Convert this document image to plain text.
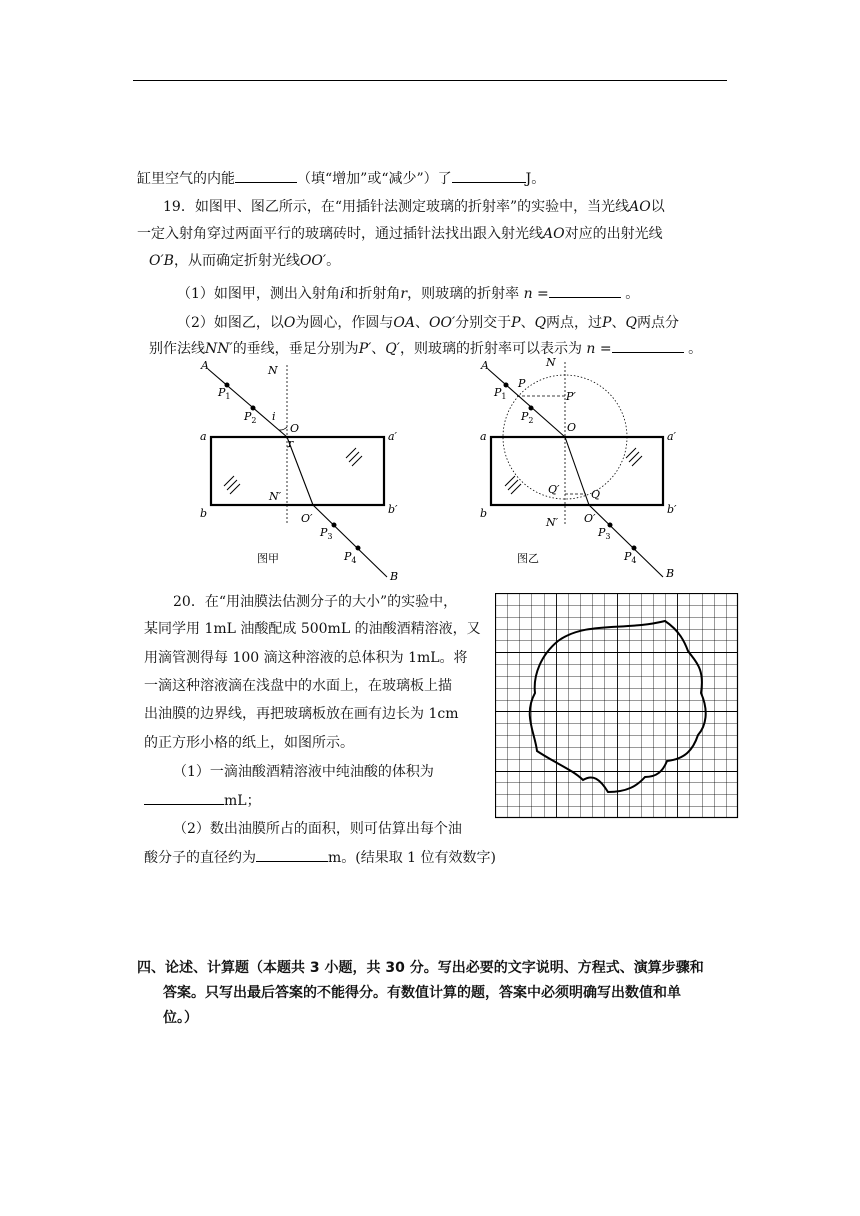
缸里空气的内能	（填“增加”或“减少”）了	J。
19．如图甲、图乙所示，在“用插针法测定玻璃的折射率”的实验中，当光线AO以
一定入射角穿过两面平行的玻璃砖时，通过插针法找出跟入射光线AO对应的出射光线
O′B，从而确定折射光线OO′。
（1）如图甲，测出入射角i和折射角r，则玻璃的折射率 n =	。
（2）如图乙，以O为圆心，作圆与OA、OO′分别交于P、Q两点，过P、Q两点分
别作法线NN′的垂线，垂足分别为P′、Q′，则玻璃的折射率可以表示为 n =	。
A	N
$P_1$
$P_2$ i
O
a	a′
r
N′
b	b′
O′
$P_3$
$P_4$
B
图甲
A	N
P
P′
$P_1$
$P_2$
O
a	a′
Q′	Q
N′
b	b′
O′
$P_3$
$P_4$
B
图乙
20．在“用油膜法估测分子的大小”的实验中，
某同学用 1mL 油酸配成 500mL 的油酸酒精溶液，又
用滴管测得每 100 滴这种溶液的总体积为 1mL。将
一滴这种溶液滴在浅盘中的水面上，在玻璃板上描
出油膜的边界线，再把玻璃板放在画有边长为 1cm
的正方形小格的纸上，如图所示。
（1）一滴油酸酒精溶液中纯油酸的体积为
mL；
（2）数出油膜所占的面积，则可估算出每个油
酸分子的直径约为	m。(结果取 1 位有效数字)
四、论述、计算题（本题共 3 小题，共 30 分。写出必要的文字说明、方程式、演算步骤和
答案。只写出最后答案的不能得分。有数值计算的题，答案中必须明确写出数值和单
位。）
